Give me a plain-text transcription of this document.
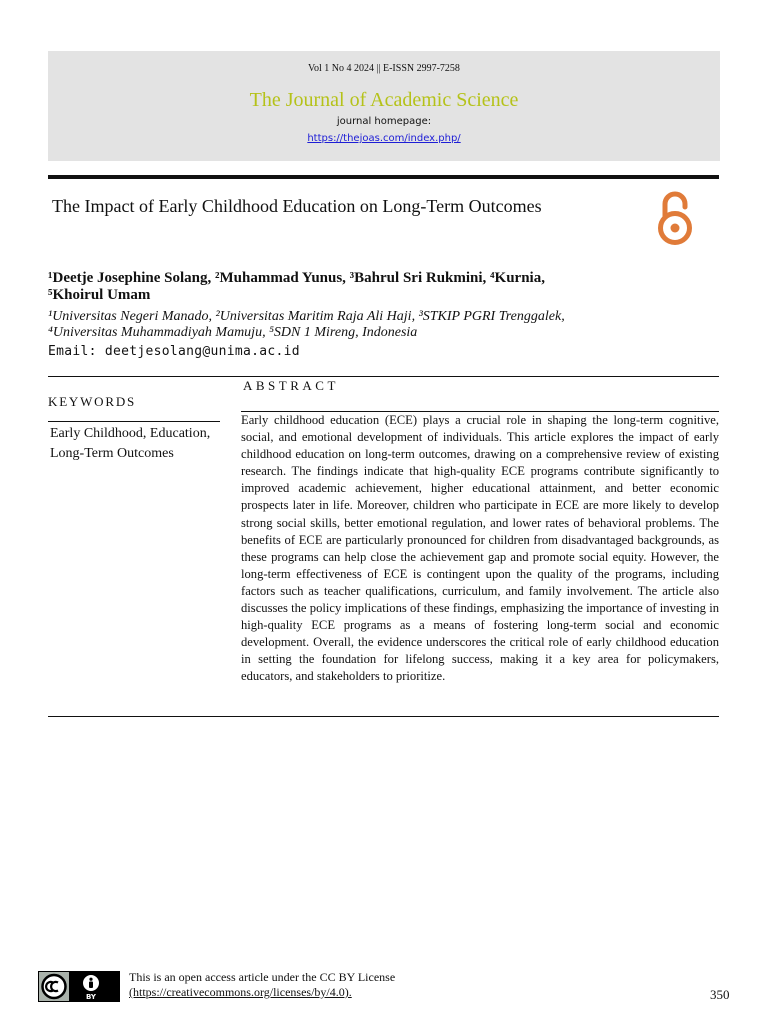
Vol 1 No 4 2024 || E-ISSN 2997-7258
The Journal of Academic Science
journal homepage:
https://thejoas.com/index.php/
The Impact of Early Childhood Education on Long-Term Outcomes
¹Deetje Josephine Solang, ²Muhammad Yunus, ³Bahrul Sri Rukmini, ⁴Kurnia,
⁵Khoirul Umam
¹Universitas Negeri Manado, ²Universitas Maritim Raja Ali Haji, ³STKIP PGRI Trenggalek,
⁴Universitas Muhammadiyah Mamuju, ⁵SDN 1 Mireng, Indonesia
Email: deetjesolang@unima.ac.id
KEYWORDS
Early Childhood, Education, Long-Term Outcomes
ABSTRACT
Early childhood education (ECE) plays a crucial role in shaping the long-term cognitive, social, and emotional development of individuals. This article explores the impact of early childhood education on long-term outcomes, drawing on a comprehensive review of existing research. The findings indicate that high-quality ECE programs contribute significantly to improved academic achievement, higher educational attainment, and better economic prospects later in life. Moreover, children who participate in ECE are more likely to develop strong social skills, better emotional regulation, and lower rates of behavioral problems. The benefits of ECE are particularly pronounced for children from disadvantaged backgrounds, as these programs can help close the achievement gap and promote social equity. However, the long-term effectiveness of ECE is contingent upon the quality of the programs, including factors such as teacher qualifications, curriculum, and family involvement. The article also discusses the policy implications of these findings, emphasizing the importance of investing in high-quality ECE programs as a means of fostering long-term social and economic development. Overall, the evidence underscores the critical role of early childhood education in setting the foundation for lifelong success, making it a key area for policymakers, educators, and stakeholders to prioritize.
BY
This is an open access article under the CC BY License
(https://creativecommons.org/licenses/by/4.0).	350
